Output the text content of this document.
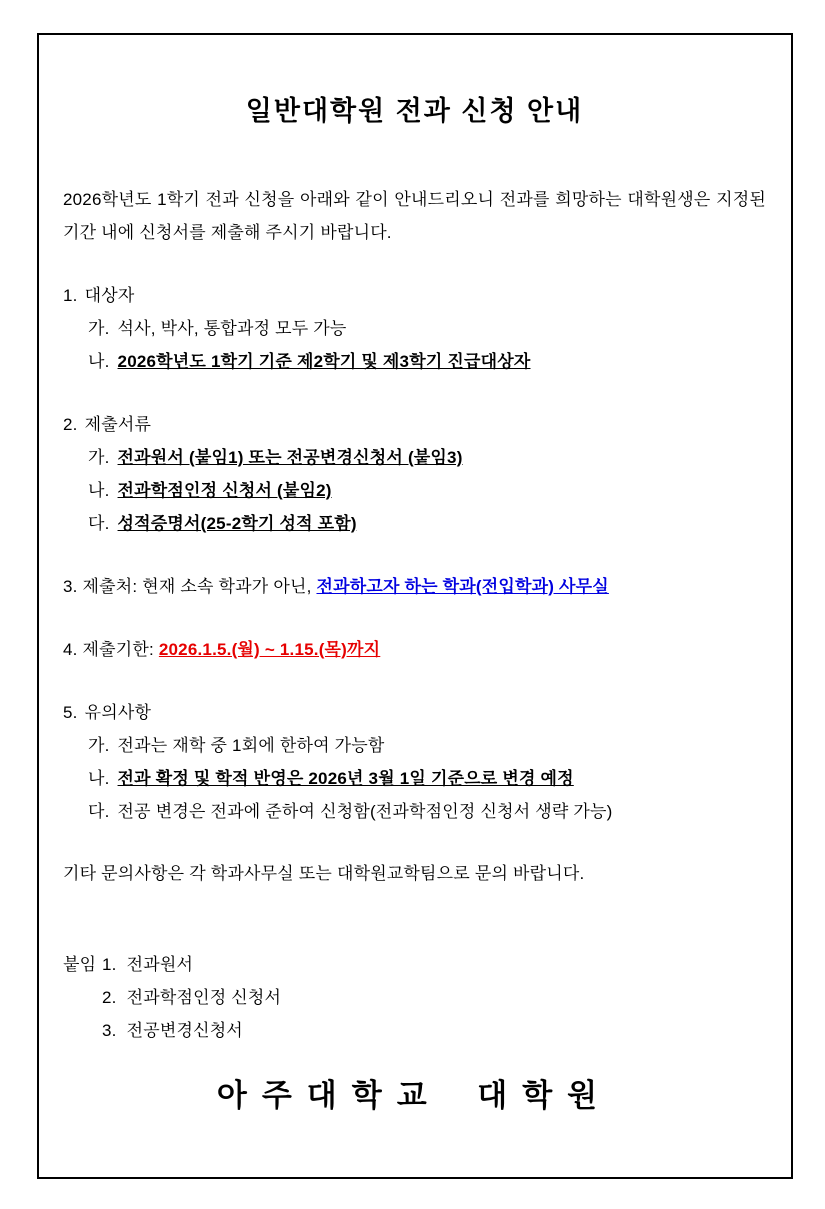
일반대학원 전과 신청 안내
2026학년도 1학기 전과 신청을 아래와 같이 안내드리오니 전과를 희망하는 대학원생은 지정된 기간 내에 신청서를 제출해 주시기 바랍니다.
1. 대상자
가. 석사, 박사, 통합과정 모두 가능
나. 2026학년도 1학기 기준 제2학기 및 제3학기 진급대상자
2. 제출서류
가. 전과원서 (붙임1) 또는 전공변경신청서 (붙임3)
나. 전과학점인정 신청서 (붙임2)
다. 성적증명서(25-2학기 성적 포함)
3. 제출처: 현재 소속 학과가 아닌, 전과하고자 하는 학과(전입학과) 사무실
4. 제출기한: 2026.1.5.(월) ~ 1.15.(목)까지
5. 유의사항
가. 전과는 재학 중 1회에 한하여 가능함
나. 전과 확정 및 학적 반영은 2026년 3월 1일 기준으로 변경 예정
다. 전공 변경은 전과에 준하여 신청함(전과학점인정 신청서 생략 가능)
기타 문의사항은 각 학과사무실 또는 대학원교학팀으로 문의 바랍니다.
붙임 1. 전과원서
2. 전과학점인정 신청서
3. 전공변경신청서
아주대학교 대학원
